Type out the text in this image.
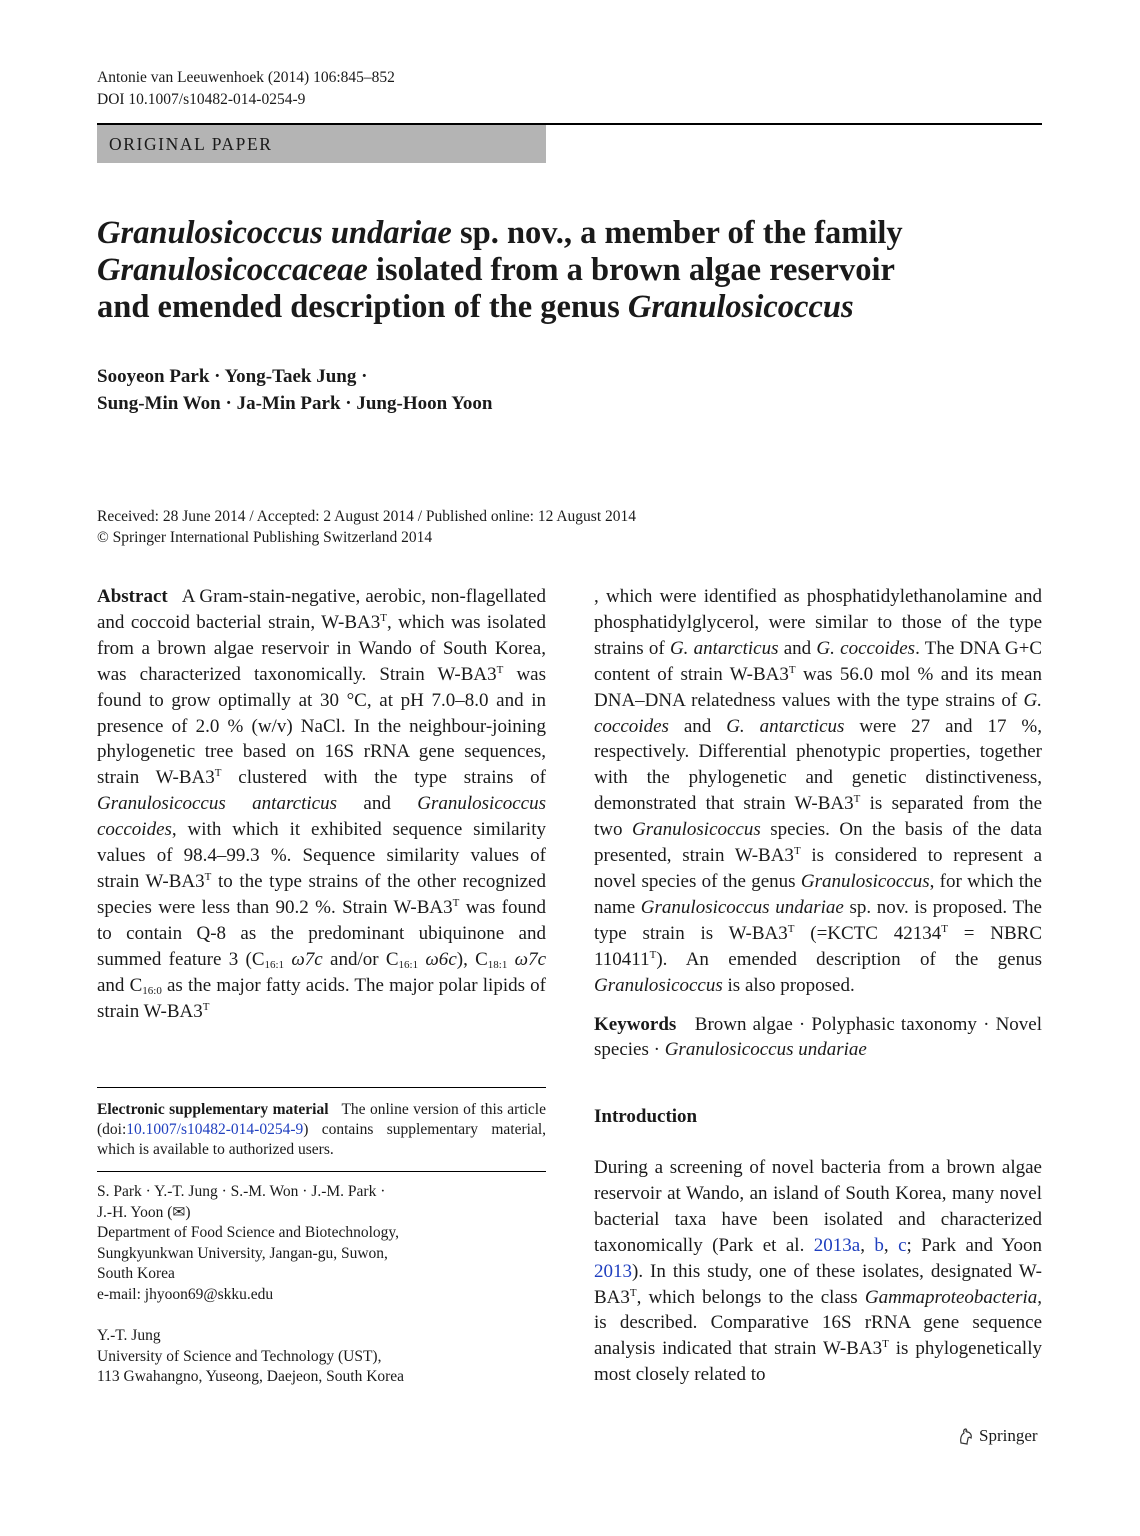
Antonie van Leeuwenhoek (2014) 106:845–852
DOI 10.1007/s10482-014-0254-9
ORIGINAL PAPER
Granulosicoccus undariae sp. nov., a member of the family
Granulosicoccaceae isolated from a brown algae reservoir
and emended description of the genus Granulosicoccus
Sooyeon Park · Yong-Taek Jung ·
Sung-Min Won · Ja-Min Park · Jung-Hoon Yoon
Received: 28 June 2014 / Accepted: 2 August 2014 / Published online: 12 August 2014
© Springer International Publishing Switzerland 2014

Abstract A Gram-stain-negative, aerobic, non-flagellated and coccoid bacterial strain, $W-BA3^T$, which was isolated from a brown algae reservoir in Wando of South Korea, was characterized taxonomically. Strain $W-BA3^T$ was found to grow optimally at 30 °C, at pH 7.0–8.0 and in presence of 2.0 % (w/v) NaCl. In the neighbour-joining phylogenetic tree based on 16S rRNA gene sequences, strain $W-BA3^T$ clustered with the type strains of Granulosicoccus antarcticus and Granulosicoccus coccoides, with which it exhibited sequence similarity values of 98.4–99.3 %. Sequence similarity values of strain $W-BA3^T$ to the type strains of the other recognized species were less than 90.2 %. Strain $W-BA3^T$ was found to contain Q-8 as the predominant ubiquinone and summed feature 3 (C16:1 ω7c and/or C16:1 ω6c), C18:1 ω7c and C16:0 as the major fatty acids. The major polar lipids of strain $W-BA3^T$

Electronic supplementary material The online version of this article (doi:10.1007/s10482-014-0254-9) contains supplementary material, which is available to authorized users.
S. Park · Y.-T. Jung · S.-M. Won · J.-M. Park ·
J.-H. Yoon (✉)
Department of Food Science and Biotechnology,
Sungkyunkwan University, Jangan-gu, Suwon,
South Korea
e-mail: jhyoon69@skku.edu
Y.-T. Jung
University of Science and Technology (UST),
113 Gwahangno, Yuseong, Daejeon, South Korea
Introduction
During a screening of novel bacteria from a brown algae reservoir at Wando, an island of South Korea, many novel bacterial taxa have been isolated and characterized taxonomically (Park et al. 2013a, b, c; Park and Yoon 2013). In this study, one of these isolates, designated $W-BA3^T$, which belongs to the class Gammaproteobacteria, is described. Comparative 16S rRNA gene sequence analysis indicated that strain $W-BA3^T$ is phylogenetically most closely related to
Springer

, which were identified as phosphatidylethanolamine and phosphatidylglycerol, were similar to those of the type strains of G. antarcticus and G. coccoides. The DNA G+C content of strain $W-BA3^T$ was 56.0 mol % and its mean DNA–DNA relatedness values with the type strains of G. coccoides and G. antarcticus were 27 and 17 %, respectively. Differential phenotypic properties, together with the phylogenetic and genetic distinctiveness, demonstrated that strain $W-BA3^T$ is separated from the two Granulosicoccus species. On the basis of the data presented, strain $W-BA3^T$ is considered to represent a novel species of the genus Granulosicoccus, for which the name Granulosicoccus undariae sp. nov. is proposed. The type strain is $W-BA3^T$ (=KCTC $42134^T$ = NBRC $110411^T$). An emended description of the genus Granulosicoccus is also proposed.

Keywords   Brown algae · Polyphasic taxonomy · Novel species · Granulosicoccus undariae
